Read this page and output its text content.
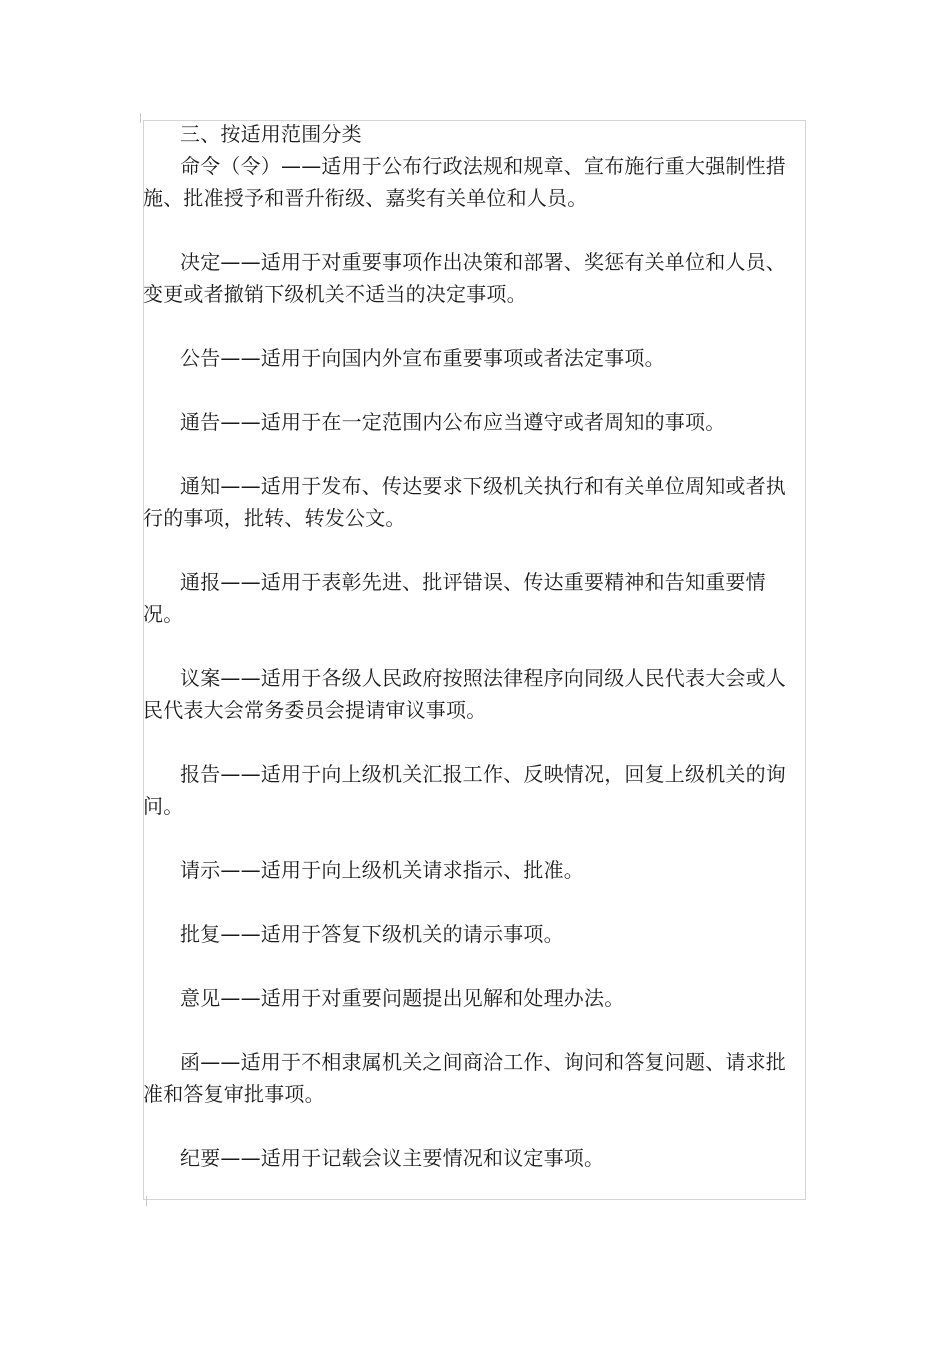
三、按适用范围分类

命令（令）——适用于公布行政法规和规章、宣布施行重大强制性措施、批准授予和晋升衔级、嘉奖有关单位和人员。

决定——适用于对重要事项作出决策和部署、奖惩有关单位和人员、变更或者撤销下级机关不适当的决定事项。

公告——适用于向国内外宣布重要事项或者法定事项。

通告——适用于在一定范围内公布应当遵守或者周知的事项。

通知——适用于发布、传达要求下级机关执行和有关单位周知或者执行的事项，批转、转发公文。

通报——适用于表彰先进、批评错误、传达重要精神和告知重要情况。

议案——适用于各级人民政府按照法律程序向同级人民代表大会或人民代表大会常务委员会提请审议事项。

报告——适用于向上级机关汇报工作、反映情况，回复上级机关的询问。

请示——适用于向上级机关请求指示、批准。

批复——适用于答复下级机关的请示事项。

意见——适用于对重要问题提出见解和处理办法。

函——适用于不相隶属机关之间商洽工作、询问和答复问题、请求批准和答复审批事项。

纪要——适用于记载会议主要情况和议定事项。
